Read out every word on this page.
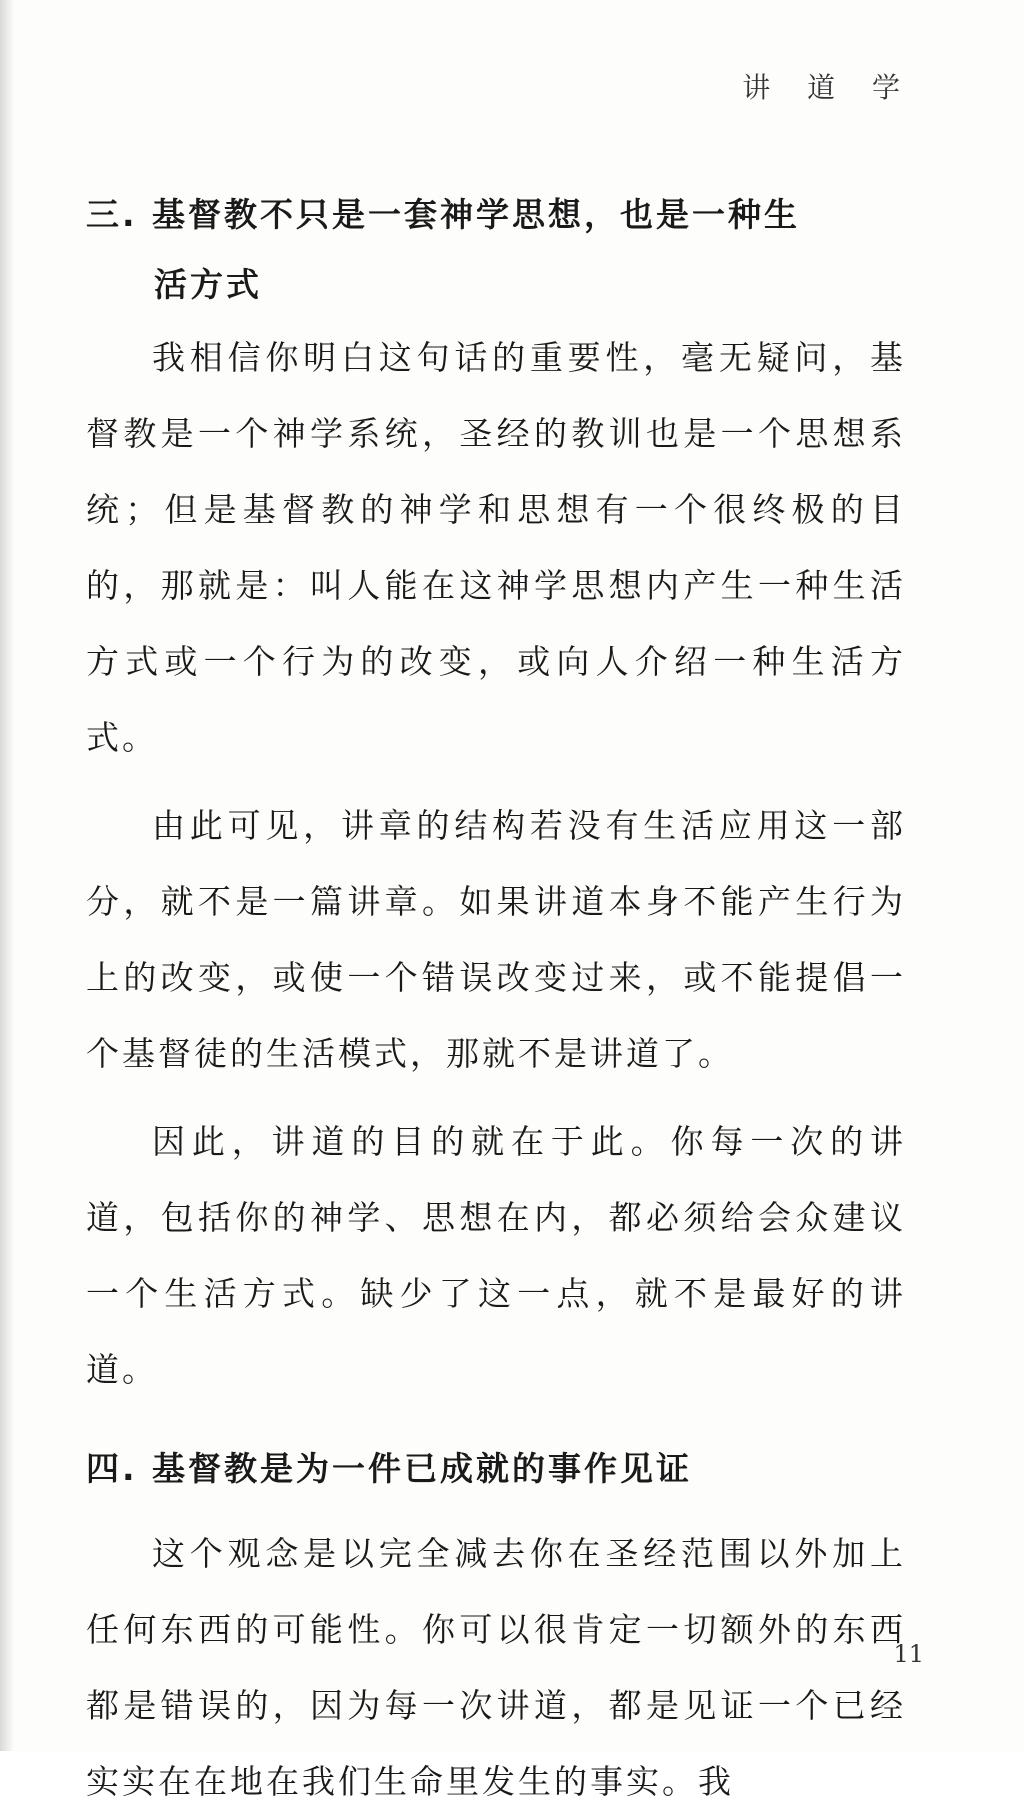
讲 道 学
三. 基督教不只是一套神学思想，也是一种生
活方式

我相信你明白这句话的重要性，毫无疑问，基督教是一个神学系统，圣经的教训也是一个思想系统；但是基督教的神学和思想有一个很终极的目的，那就是：叫人能在这神学思想内产生一种生活方式或一个行为的改变，或向人介绍一种生活方式。

由此可见，讲章的结构若没有生活应用这一部分，就不是一篇讲章。如果讲道本身不能产生行为上的改变，或使一个错误改变过来，或不能提倡一个基督徒的生活模式，那就不是讲道了。

因此，讲道的目的就在于此。你每一次的讲道，包括你的神学、思想在内，都必须给会众建议一个生活方式。缺少了这一点，就不是最好的讲道。

四. 基督教是为一件已成就的事作见证

这个观念是以完全减去你在圣经范围以外加上任何东西的可能性。你可以很肯定一切额外的东西都是错误的，因为每一次讲道，都是见证一个已经实实在在地在我们生命里发生的事实。我

11
